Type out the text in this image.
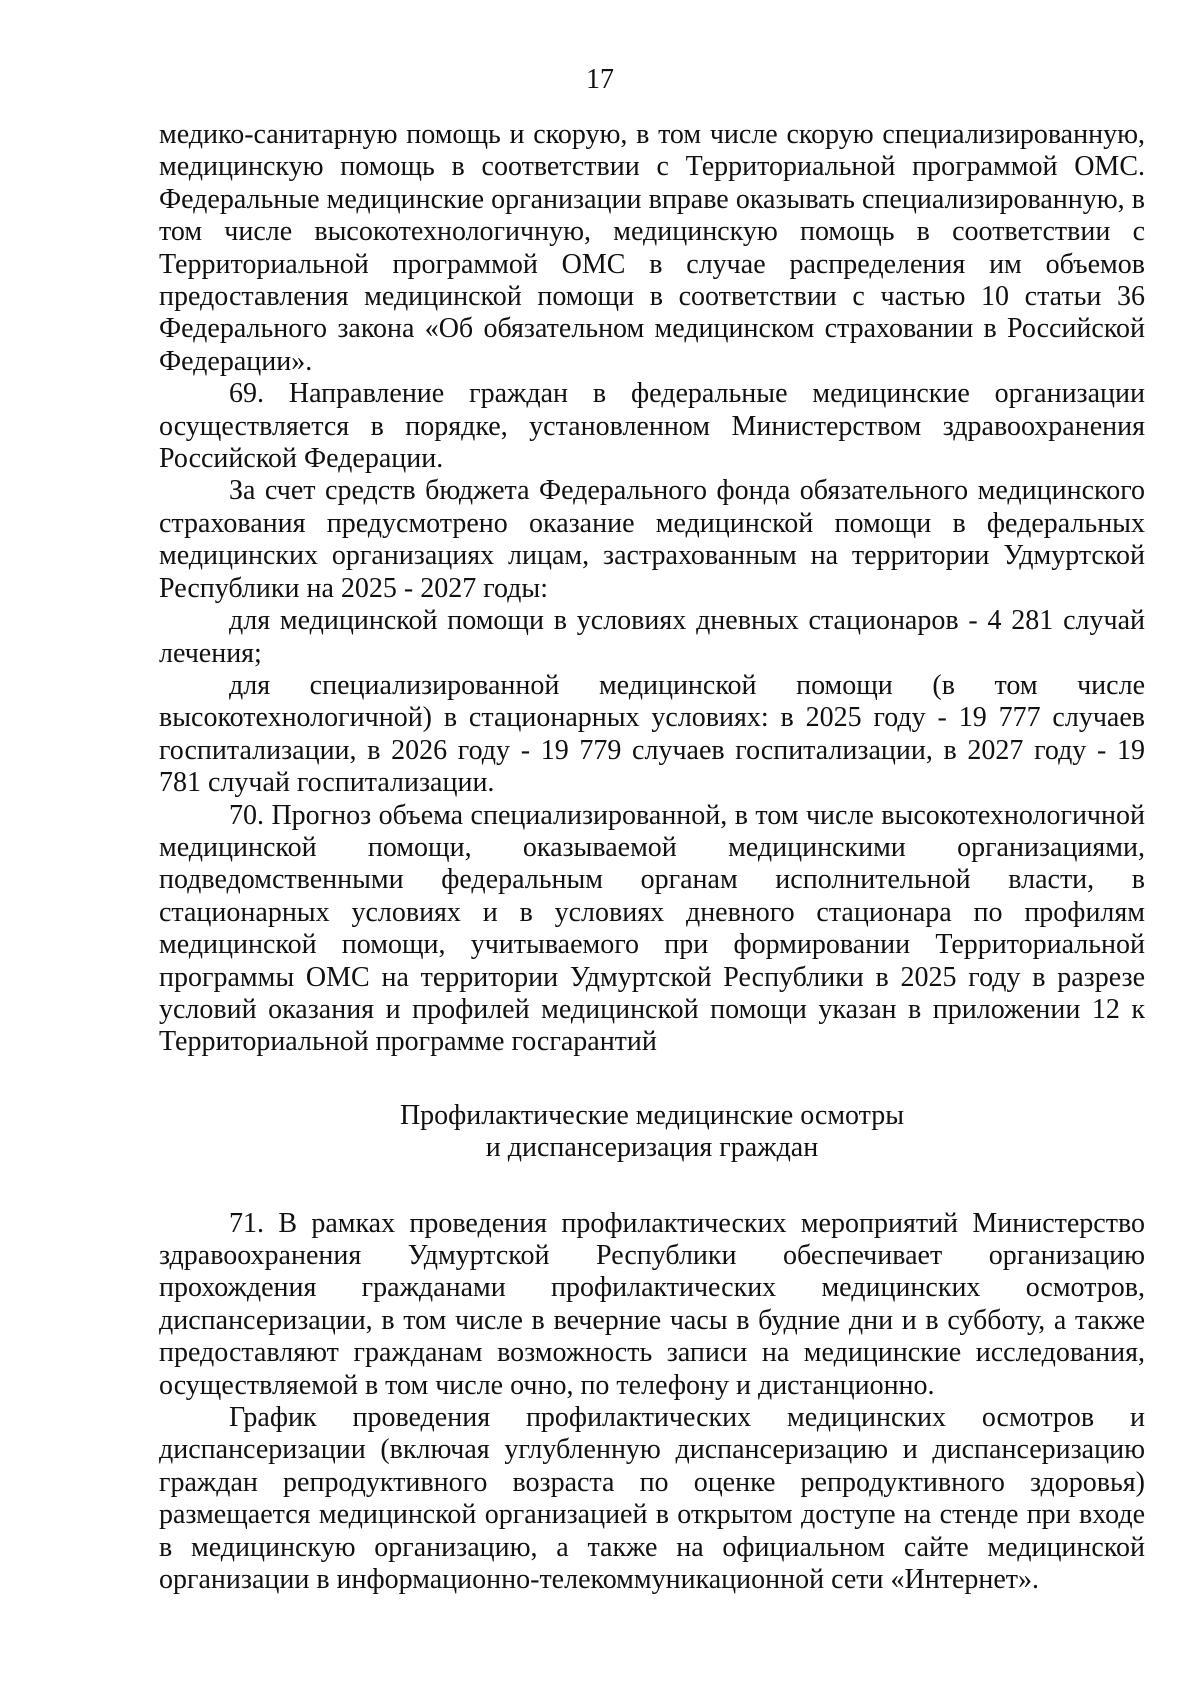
17

медико-санитарную помощь и скорую, в том числе скорую специализированную, медицинскую помощь в соответствии с Территориальной программой ОМС. Федеральные медицинские организации вправе оказывать специализированную, в том числе высокотехнологичную, медицинскую помощь в соответствии с Территориальной программой ОМС в случае распределения им объемов предоставления медицинской помощи в соответствии с частью 10 статьи 36 Федерального закона «Об обязательном медицинском страховании в Российской Федерации».

69. Направление граждан в федеральные медицинские организации осуществляется в порядке, установленном Министерством здравоохранения Российской Федерации.

За счет средств бюджета Федерального фонда обязательного медицинского страхования предусмотрено оказание медицинской помощи в федеральных медицинских организациях лицам, застрахованным на территории Удмуртской Республики на 2025 - 2027 годы:

для медицинской помощи в условиях дневных стационаров - 4 281 случай лечения;

для специализированной медицинской помощи (в том числе высокотехнологичной) в стационарных условиях: в 2025 году - 19 777 случаев госпитализации, в 2026 году - 19 779 случаев госпитализации, в 2027 году - 19 781 случай госпитализации.

70. Прогноз объема специализированной, в том числе высокотехнологичной медицинской помощи, оказываемой медицинскими организациями, подведомственными федеральным органам исполнительной власти, в стационарных условиях и в условиях дневного стационара по профилям медицинской помощи, учитываемого при формировании Территориальной программы ОМС на территории Удмуртской Республики в 2025 году в разрезе условий оказания и профилей медицинской помощи указан в приложении 12 к Территориальной программе госгарантий

Профилактические медицинские осмотры
и диспансеризация граждан

71. В рамках проведения профилактических мероприятий Министерство здравоохранения Удмуртской Республики обеспечивает организацию прохождения гражданами профилактических медицинских осмотров, диспансеризации, в том числе в вечерние часы в будние дни и в субботу, а также предоставляют гражданам возможность записи на медицинские исследования, осуществляемой в том числе очно, по телефону и дистанционно.

График проведения профилактических медицинских осмотров и диспансеризации (включая углубленную диспансеризацию и диспансеризацию граждан репродуктивного возраста по оценке репродуктивного здоровья) размещается медицинской организацией в открытом доступе на стенде при входе в медицинскую организацию, а также на официальном сайте медицинской организации в информационно-телекоммуникационной сети «Интернет».
